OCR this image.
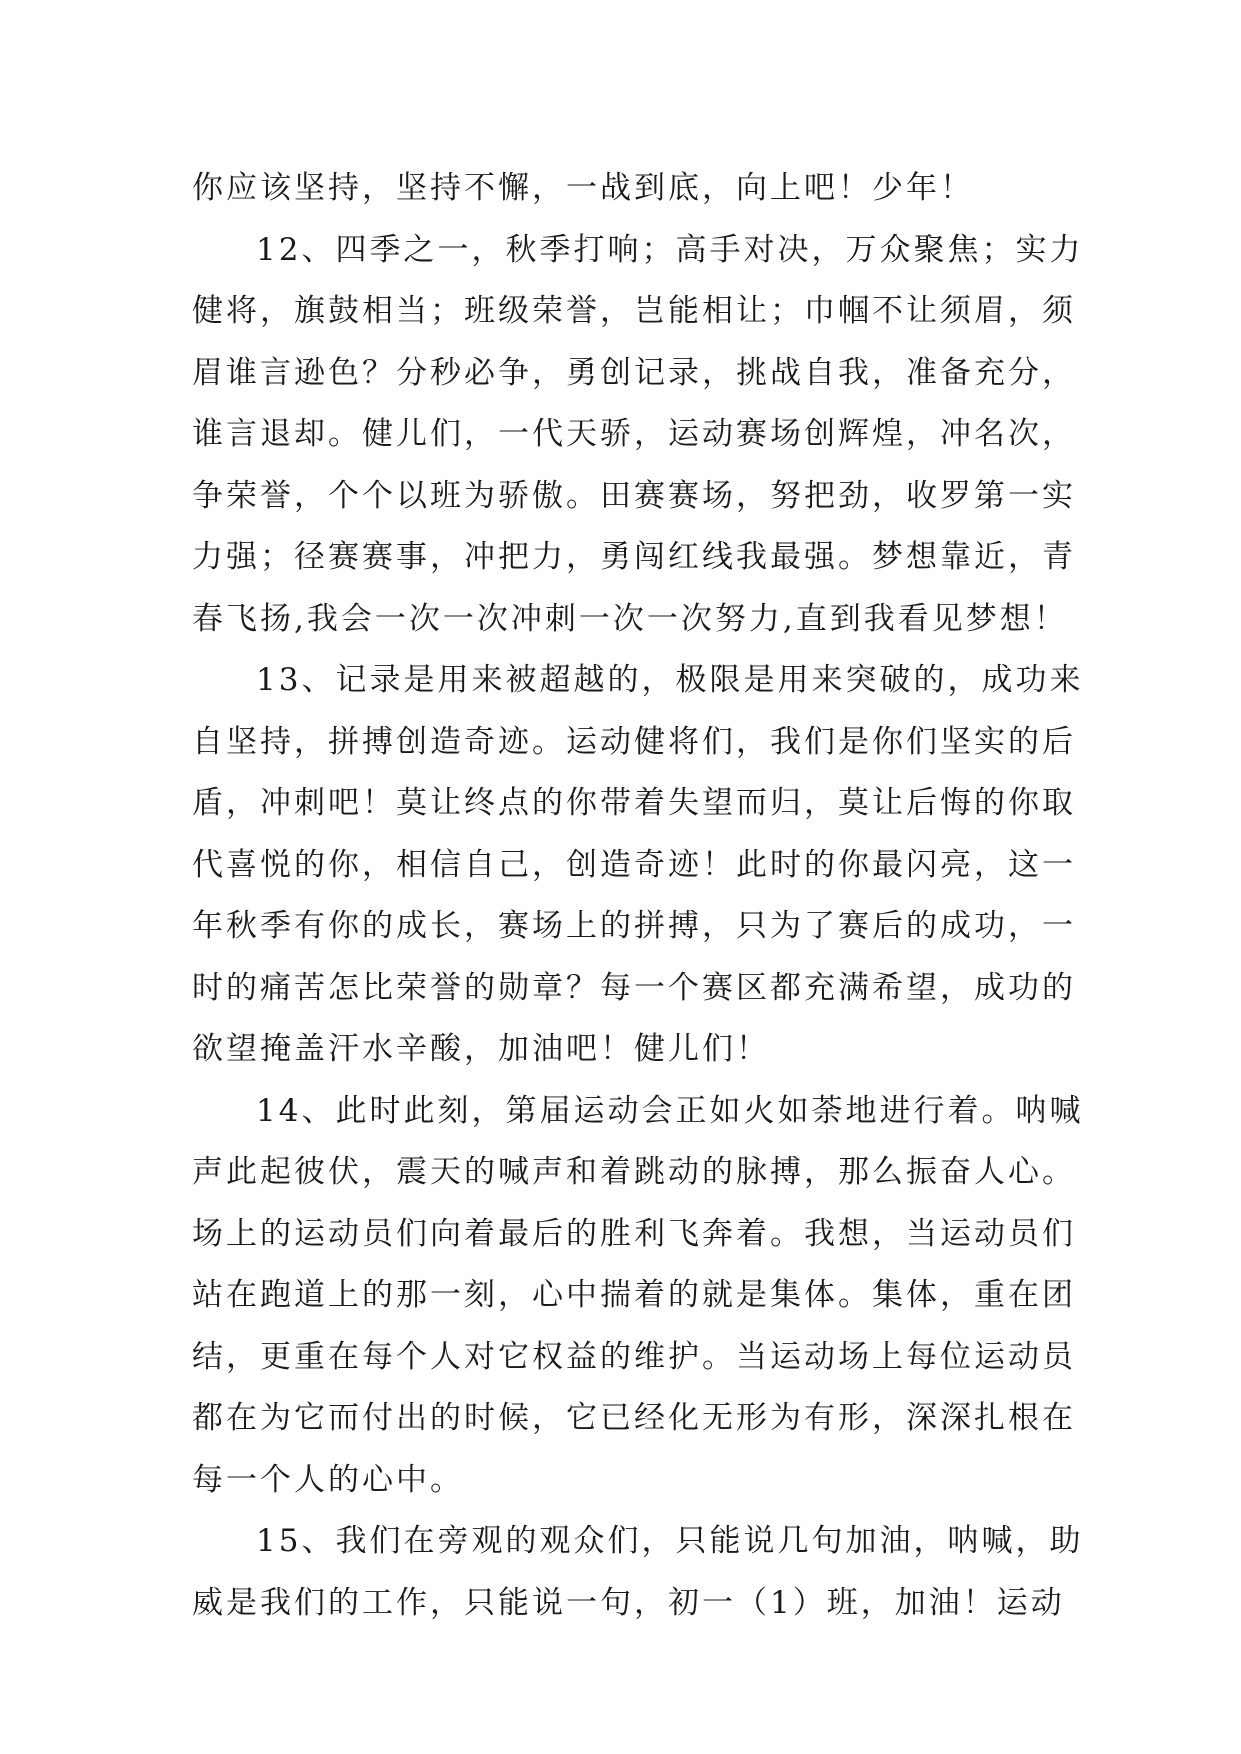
你应该坚持，坚持不懈，一战到底，向上吧！少年！
12、四季之一，秋季打响；高手对决，万众聚焦；实力
健将，旗鼓相当；班级荣誉，岂能相让；巾帼不让须眉，须
眉谁言逊色？分秒必争，勇创记录，挑战自我，准备充分，
谁言退却。健儿们，一代天骄，运动赛场创辉煌，冲名次，
争荣誉，个个以班为骄傲。田赛赛场，努把劲，收罗第一实
力强；径赛赛事，冲把力，勇闯红线我最强。梦想靠近，青
春飞扬,我会一次一次冲刺一次一次努力,直到我看见梦想！
13、记录是用来被超越的，极限是用来突破的，成功来
自坚持，拼搏创造奇迹。运动健将们，我们是你们坚实的后
盾，冲刺吧！莫让终点的你带着失望而归，莫让后悔的你取
代喜悦的你，相信自己，创造奇迹！此时的你最闪亮，这一
年秋季有你的成长，赛场上的拼搏，只为了赛后的成功，一
时的痛苦怎比荣誉的勋章？每一个赛区都充满希望，成功的
欲望掩盖汗水辛酸，加油吧！健儿们！
14、此时此刻，第届运动会正如火如荼地进行着。呐喊
声此起彼伏，震天的喊声和着跳动的脉搏，那么振奋人心。
场上的运动员们向着最后的胜利飞奔着。我想，当运动员们
站在跑道上的那一刻，心中揣着的就是集体。集体，重在团
结，更重在每个人对它权益的维护。当运动场上每位运动员
都在为它而付出的时候，它已经化无形为有形，深深扎根在
每一个人的心中。
15、我们在旁观的观众们，只能说几句加油，呐喊，助
威是我们的工作，只能说一句，初一（1）班，加油！运动
